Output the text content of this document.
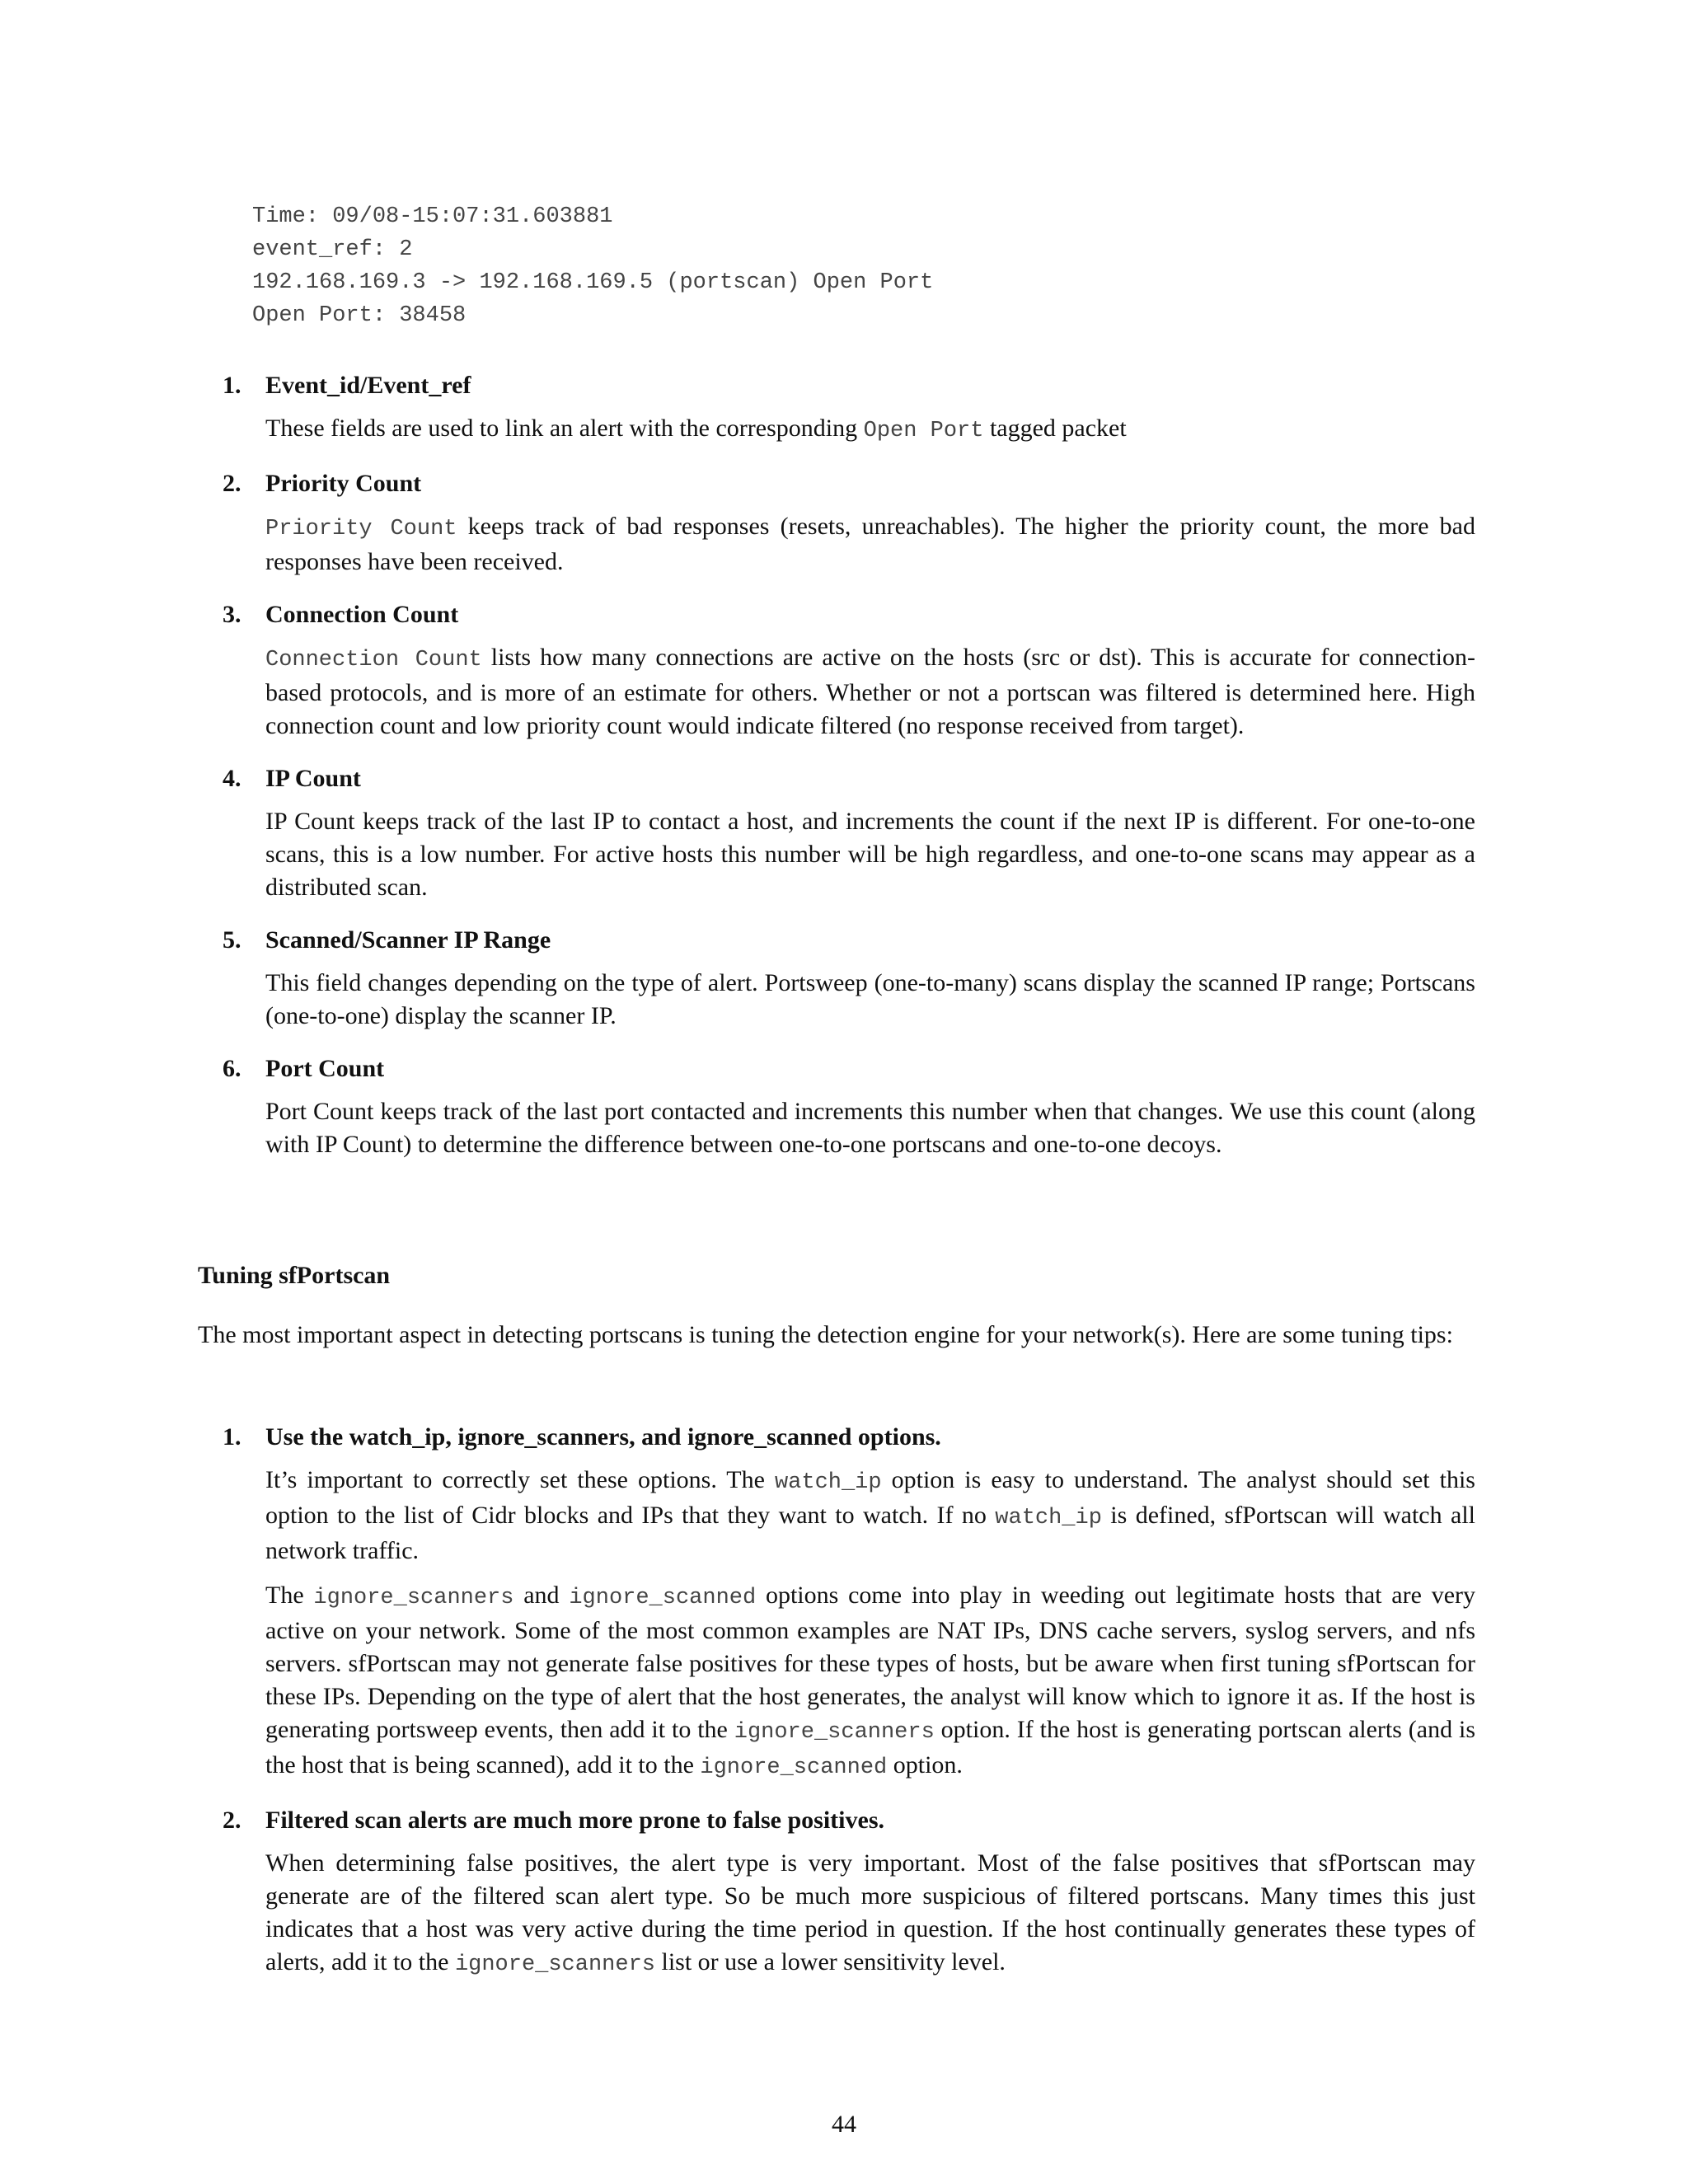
Time: 09/08-15:07:31.603881
event_ref: 2
192.168.169.3 -> 192.168.169.5 (portscan) Open Port
Open Port: 38458
1. Event_id/Event_ref
These fields are used to link an alert with the corresponding Open Port tagged packet
2. Priority Count
Priority Count keeps track of bad responses (resets, unreachables). The higher the priority count, the more bad responses have been received.
3. Connection Count
Connection Count lists how many connections are active on the hosts (src or dst). This is accurate for connection-based protocols, and is more of an estimate for others. Whether or not a portscan was filtered is determined here. High connection count and low priority count would indicate filtered (no response received from target).
4. IP Count
IP Count keeps track of the last IP to contact a host, and increments the count if the next IP is different. For one-to-one scans, this is a low number. For active hosts this number will be high regardless, and one-to-one scans may appear as a distributed scan.
5. Scanned/Scanner IP Range
This field changes depending on the type of alert. Portsweep (one-to-many) scans display the scanned IP range; Portscans (one-to-one) display the scanner IP.
6. Port Count
Port Count keeps track of the last port contacted and increments this number when that changes. We use this count (along with IP Count) to determine the difference between one-to-one portscans and one-to-one decoys.
Tuning sfPortscan

The most important aspect in detecting portscans is tuning the detection engine for your network(s). Here are some tuning tips:

1. Use the watch_ip, ignore_scanners, and ignore_scanned options.

It’s important to correctly set these options. The watch_ip option is easy to understand. The analyst should set this option to the list of Cidr blocks and IPs that they want to watch. If no watch_ip is defined, sfPortscan will watch all network traffic.

The ignore_scanners and ignore_scanned options come into play in weeding out legitimate hosts that are very active on your network. Some of the most common examples are NAT IPs, DNS cache servers, syslog servers, and nfs servers. sfPortscan may not generate false positives for these types of hosts, but be aware when first tuning sfPortscan for these IPs. Depending on the type of alert that the host generates, the analyst will know which to ignore it as. If the host is generating portsweep events, then add it to the ignore_scanners option. If the host is generating portscan alerts (and is the host that is being scanned), add it to the ignore_scanned option.

2. Filtered scan alerts are much more prone to false positives.
When determining false positives, the alert type is very important. Most of the false positives that sfPortscan may generate are of the filtered scan alert type. So be much more suspicious of filtered portscans. Many times this just indicates that a host was very active during the time period in question. If the host continually generates these types of alerts, add it to the ignore_scanners list or use a lower sensitivity level.
44
